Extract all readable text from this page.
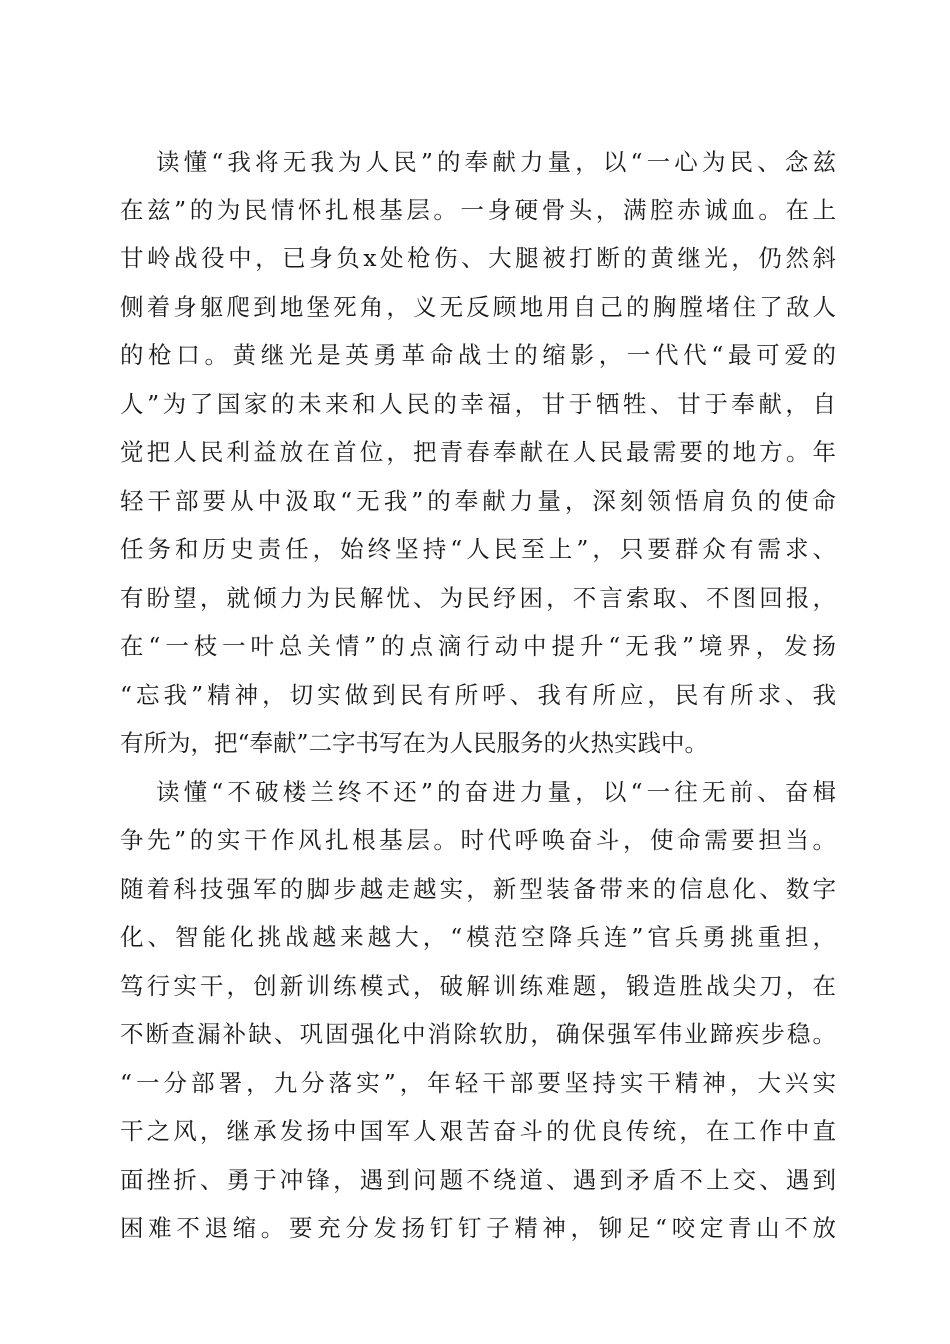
读懂“我将无我为人民”的奉献力量，以“一心为民、念兹
在兹”的为民情怀扎根基层。一身硬骨头，满腔赤诚血。在上
甘岭战役中，已身负x处枪伤、大腿被打断的黄继光，仍然斜
侧着身躯爬到地堡死角，义无反顾地用自己的胸膛堵住了敌人
的枪口。黄继光是英勇革命战士的缩影，一代代“最可爱的
人”为了国家的未来和人民的幸福，甘于牺牲、甘于奉献，自
觉把人民利益放在首位，把青春奉献在人民最需要的地方。年
轻干部要从中汲取“无我”的奉献力量，深刻领悟肩负的使命
任务和历史责任，始终坚持“人民至上”，只要群众有需求、
有盼望，就倾力为民解忧、为民纾困，不言索取、不图回报，
在“一枝一叶总关情”的点滴行动中提升“无我”境界，发扬
“忘我”精神，切实做到民有所呼、我有所应，民有所求、我
有所为，把“奉献”二字书写在为人民服务的火热实践中。
读懂“不破楼兰终不还”的奋进力量，以“一往无前、奋楫
争先”的实干作风扎根基层。时代呼唤奋斗，使命需要担当。
随着科技强军的脚步越走越实，新型装备带来的信息化、数字
化、智能化挑战越来越大，“模范空降兵连”官兵勇挑重担，
笃行实干，创新训练模式，破解训练难题，锻造胜战尖刀，在
不断查漏补缺、巩固强化中消除软肋，确保强军伟业蹄疾步稳。
“一分部署，九分落实”，年轻干部要坚持实干精神，大兴实
干之风，继承发扬中国军人艰苦奋斗的优良传统，在工作中直
面挫折、勇于冲锋，遇到问题不绕道、遇到矛盾不上交、遇到
困难不退缩。要充分发扬钉钉子精神，铆足“咬定青山不放
